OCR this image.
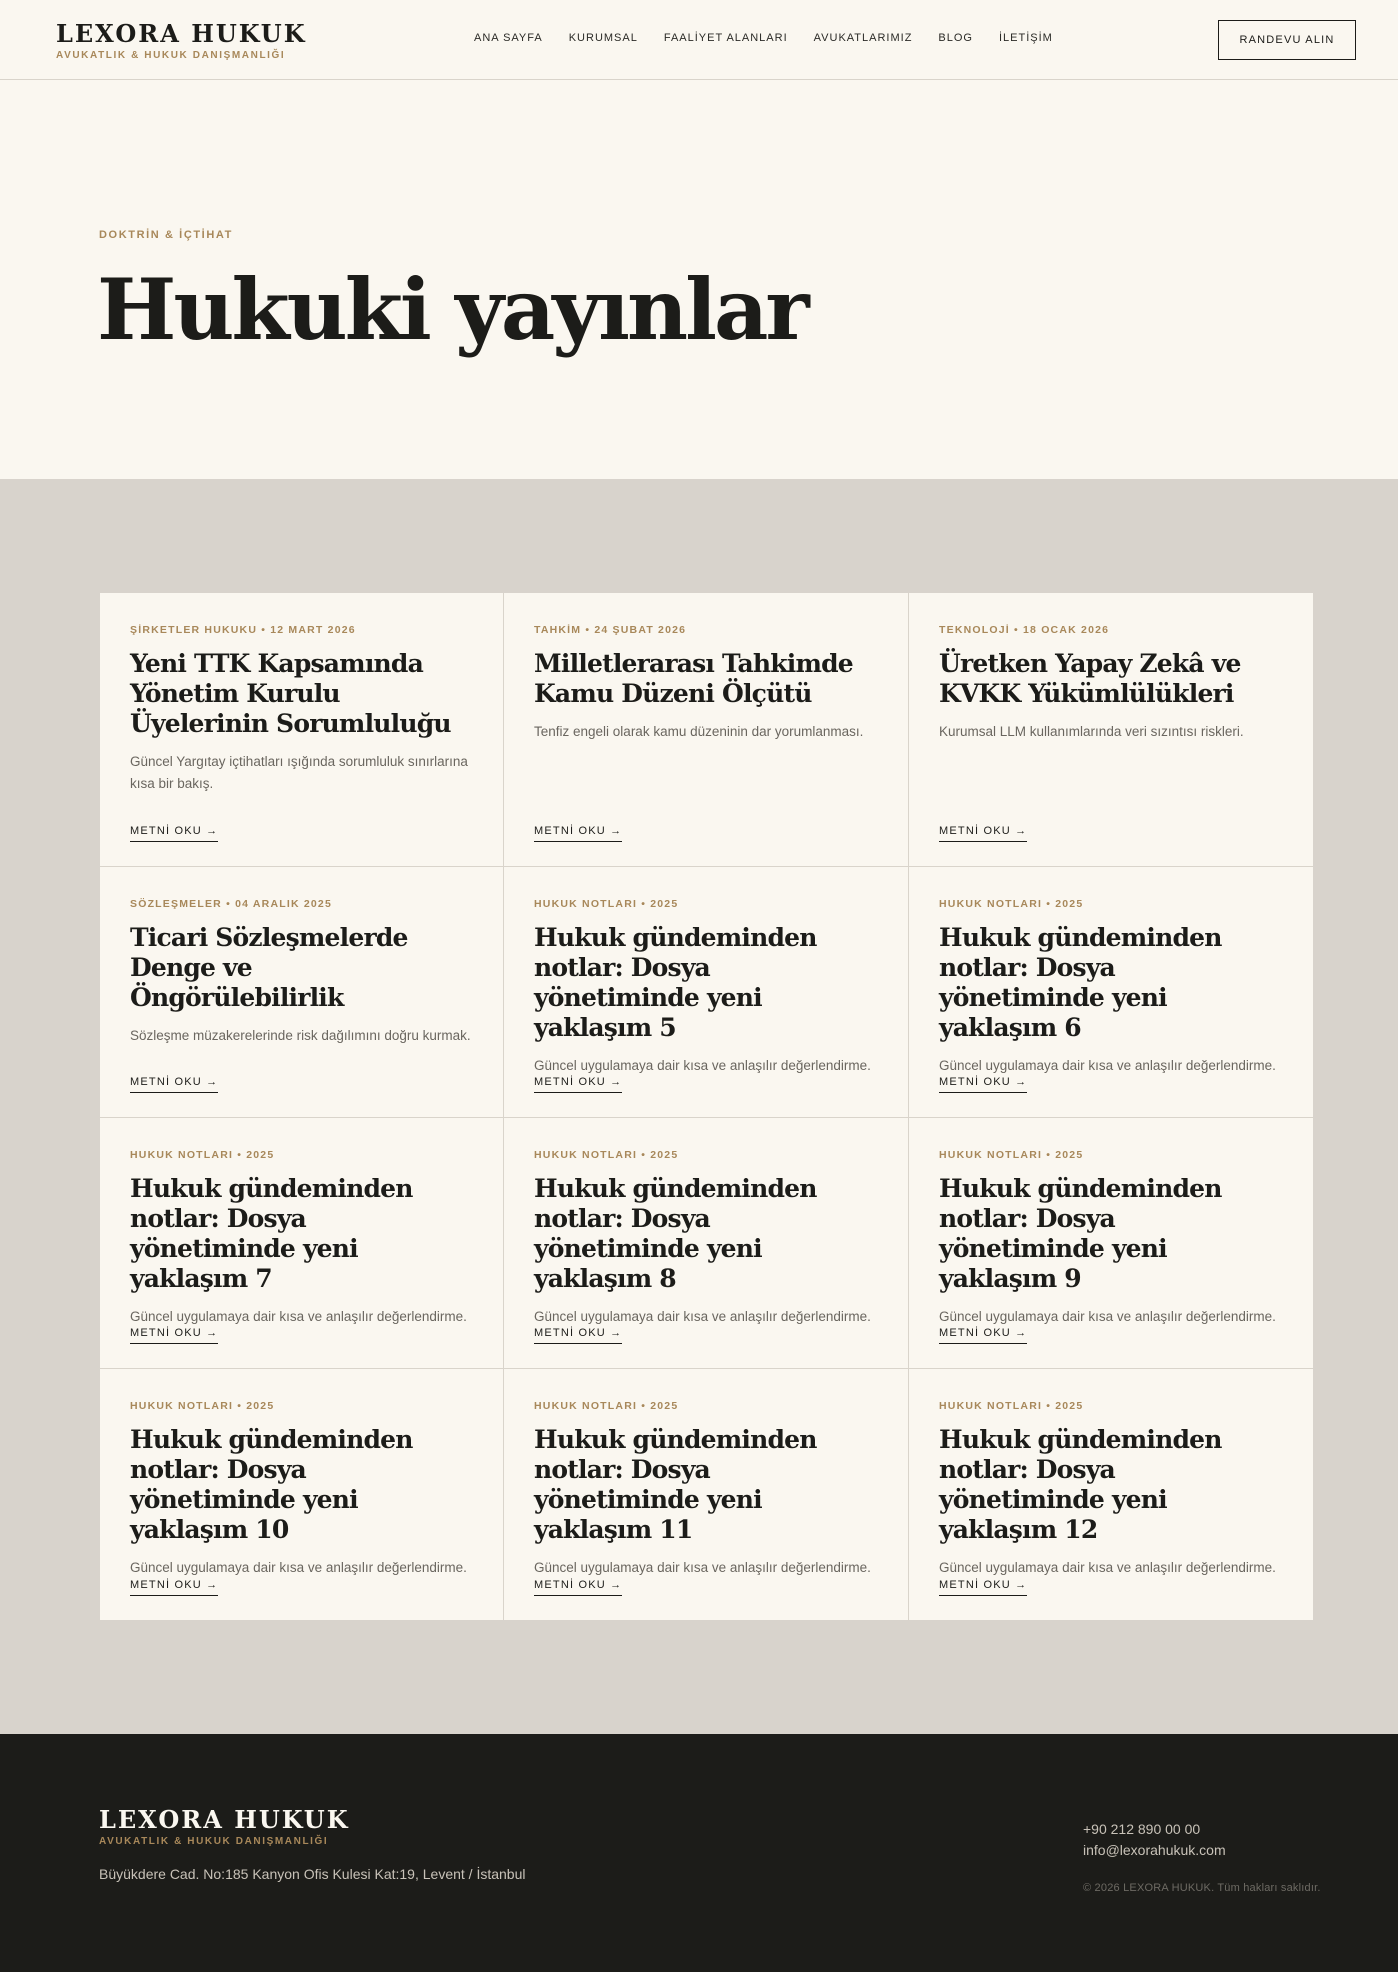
LEXORA HUKUK
AVUKATLIK & HUKUK DANIŞMANLIĞI
ANA SAYFA KURUMSAL FAALİYET ALANLARI AVUKATLARIMIZ BLOG İLETİŞİM	RANDEVU ALIN
DOKTRİN & İÇTİHAT
Hukuki yayınlar
ŞİRKETLER HUKUKU • 12 MART 2026
Yeni TTK Kapsamında Yönetim Kurulu Üyelerinin Sorumluluğu

Güncel Yargıtay içtihatları ışığında sorumluluk sınırlarına kısa bir bakış.

METNİ OKU →
TAHKİM • 24 ŞUBAT 2026
Milletlerarası Tahkimde Kamu Düzeni Ölçütü

Tenfiz engeli olarak kamu düzeninin dar yorumlanması.

METNİ OKU →
TEKNOLOJİ • 18 OCAK 2026
Üretken Yapay Zekâ ve KVKK Yükümlülükleri

Kurumsal LLM kullanımlarında veri sızıntısı riskleri.

METNİ OKU →
SÖZLEŞMELER • 04 ARALIK 2025
Ticari Sözleşmelerde Denge ve Öngörülebilirlik

Sözleşme müzakerelerinde risk dağılımını doğru kurmak.

METNİ OKU →
HUKUK NOTLARI • 2025
Hukuk gündeminden notlar: Dosya yönetiminde yeni yaklaşım 5

Güncel uygulamaya dair kısa ve anlaşılır değerlendirme.

METNİ OKU →
HUKUK NOTLARI • 2025
Hukuk gündeminden notlar: Dosya yönetiminde yeni yaklaşım 6

Güncel uygulamaya dair kısa ve anlaşılır değerlendirme.

METNİ OKU →
HUKUK NOTLARI • 2025
Hukuk gündeminden notlar: Dosya yönetiminde yeni yaklaşım 7

Güncel uygulamaya dair kısa ve anlaşılır değerlendirme.

METNİ OKU →
HUKUK NOTLARI • 2025
Hukuk gündeminden notlar: Dosya yönetiminde yeni yaklaşım 8

Güncel uygulamaya dair kısa ve anlaşılır değerlendirme.

METNİ OKU →
HUKUK NOTLARI • 2025
Hukuk gündeminden notlar: Dosya yönetiminde yeni yaklaşım 9

Güncel uygulamaya dair kısa ve anlaşılır değerlendirme.

METNİ OKU →
HUKUK NOTLARI • 2025
Hukuk gündeminden notlar: Dosya yönetiminde yeni yaklaşım 10

Güncel uygulamaya dair kısa ve anlaşılır değerlendirme.

METNİ OKU →
HUKUK NOTLARI • 2025
Hukuk gündeminden notlar: Dosya yönetiminde yeni yaklaşım 11

Güncel uygulamaya dair kısa ve anlaşılır değerlendirme.

METNİ OKU →
HUKUK NOTLARI • 2025
Hukuk gündeminden notlar: Dosya yönetiminde yeni yaklaşım 12

Güncel uygulamaya dair kısa ve anlaşılır değerlendirme.

METNİ OKU →
LEXORA HUKUK
AVUKATLIK & HUKUK DANIŞMANLIĞI
Büyükdere Cad. No:185 Kanyon Ofis Kulesi Kat:19, Levent / İstanbul
+90 212 890 00 00
info@lexorahukuk.com
© 2026 LEXORA HUKUK. Tüm hakları saklıdır.
